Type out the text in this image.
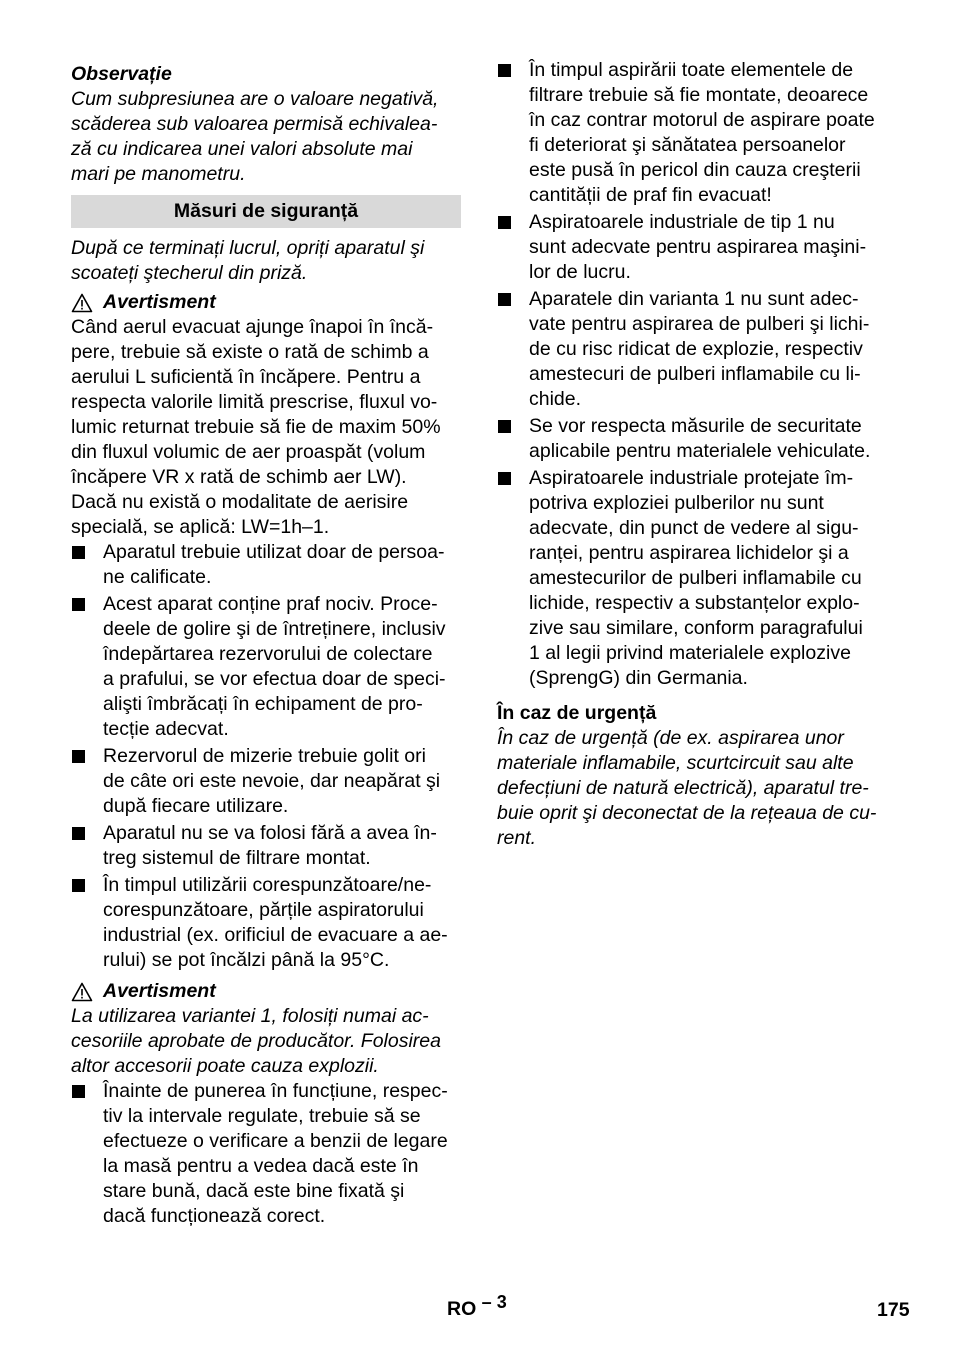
Observație

Cum subpresiunea are o valoare negativă,
scăderea sub valoarea permisă echivalea-
ză cu indicarea unei valori absolute mai
mari pe manometru.

Măsuri de siguranță

După ce terminați lucrul, opriți aparatul şi
scoateți ştecherul din priză.

Avertisment

Când aerul evacuat ajunge înapoi în încă-
pere, trebuie să existe o rată de schimb a
aerului L suficientă în încăpere. Pentru a
respecta valorile limită prescrise, fluxul vo-
lumic returnat trebuie să fie de maxim 50%
din fluxul volumic de aer proaspăt (volum
încăpere VR x rată de schimb aer LW).
Dacă nu există o modalitate de aerisire
specială, se aplică: LW=1h–1.

Aparatul trebuie utilizat doar de persoa-
ne calificate.
Acest aparat conține praf nociv. Proce-
deele de golire şi de întreținere, inclusiv
îndepărtarea rezervorului de colectare
a prafului, se vor efectua doar de speci-
alişti îmbrăcați în echipament de pro-
tecție adecvat.
Rezervorul de mizerie trebuie golit ori
de câte ori este nevoie, dar neapărat şi
după fiecare utilizare.
Aparatul nu se va folosi fără a avea în-
treg sistemul de filtrare montat.
În timpul utilizării corespunzătoare/ne-
corespunzătoare, părțile aspiratorului
industrial (ex. orificiul de evacuare a ae-
rului) se pot încălzi până la 95°C.
Avertisment

La utilizarea variantei 1, folosiți numai ac-
cesoriile aprobate de producător. Folosirea
altor accesorii poate cauza explozii.

Înainte de punerea în funcțiune, respec-
tiv la intervale regulate, trebuie să se
efectueze o verificare a benzii de legare
la masă pentru a vedea dacă este în
stare bună, dacă este bine fixată şi
dacă funcționează corect.
În timpul aspirării toate elementele de
filtrare trebuie să fie montate, deoarece
în caz contrar motorul de aspirare poate
fi deteriorat şi sănătatea persoanelor
este pusă în pericol din cauza creşterii
cantității de praf fin evacuat!
Aspiratoarele industriale de tip 1 nu
sunt adecvate pentru aspirarea maşini-
lor de lucru.
Aparatele din varianta 1 nu sunt adec-
vate pentru aspirarea de pulberi şi lichi-
de cu risc ridicat de explozie, respectiv
amestecuri de pulberi inflamabile cu li-
chide.
Se vor respecta măsurile de securitate
aplicabile pentru materialele vehiculate.
Aspiratoarele industriale protejate îm-
potriva exploziei pulberilor nu sunt
adecvate, din punct de vedere al sigu-
ranței, pentru aspirarea lichidelor şi a
amestecurilor de pulberi inflamabile cu
lichide, respectiv a substanțelor explo-
zive sau similare, conform paragrafului
1 al legii privind materialele explozive
(SprengG) din Germania.

În caz de urgență

În caz de urgență (de ex. aspirarea unor
materiale inflamabile, scurtcircuit sau alte
defecțiuni de natură electrică), aparatul tre-
buie oprit şi deconectat de la rețeaua de cu-
rent.

RO – 3	175
